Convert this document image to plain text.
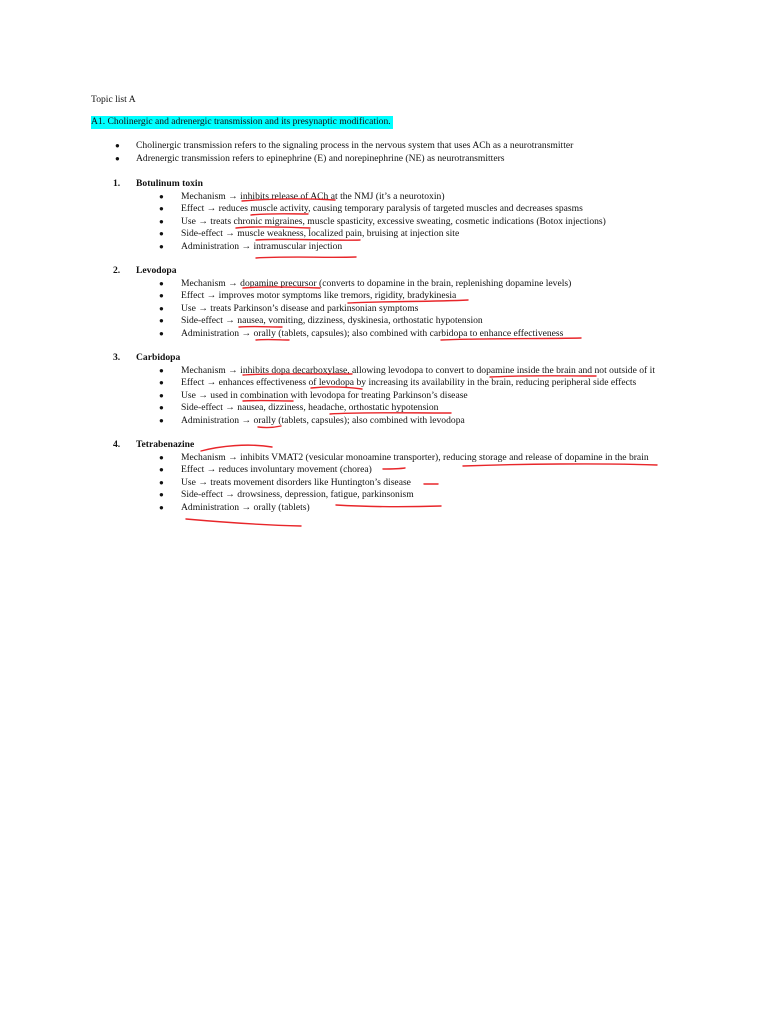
Topic list A
A1. Cholinergic and adrenergic transmission and its presynaptic modification.
● Cholinergic transmission refers to the signaling process in the nervous system that uses ACh as a neurotransmitter
● Adrenergic transmission refers to epinephrine (E) and norepinephrine (NE) as neurotransmitters
1.	Botulinum toxin
● Mechanism → inhibits release of ACh at the NMJ (it’s a neurotoxin)
● Effect → reduces muscle activity, causing temporary paralysis of targeted muscles and decreases spasms
● Use → treats chronic migraines, muscle spasticity, excessive sweating, cosmetic indications (Botox injections)
● Side-effect → muscle weakness, localized pain, bruising at injection site
● Administration → intramuscular injection
2.	Levodopa
● Mechanism → dopamine precursor (converts to dopamine in the brain, replenishing dopamine levels)
● Effect → improves motor symptoms like tremors, rigidity, bradykinesia
● Use → treats Parkinson’s disease and parkinsonian symptoms
● Side-effect → nausea, vomiting, dizziness, dyskinesia, orthostatic hypotension
● Administration → orally (tablets, capsules); also combined with carbidopa to enhance effectiveness
3.	Carbidopa
● Mechanism → inhibits dopa decarboxylase, allowing levodopa to convert to dopamine inside the brain and not outside of it
● Effect → enhances effectiveness of levodopa by increasing its availability in the brain, reducing peripheral side effects
● Use → used in combination with levodopa for treating Parkinson’s disease
● Side-effect → nausea, dizziness, headache, orthostatic hypotension
● Administration → orally (tablets, capsules); also combined with levodopa
4.	Tetrabenazine
● Mechanism → inhibits VMAT2 (vesicular monoamine transporter), reducing storage and release of dopamine in the brain
● Effect → reduces involuntary movement (chorea)
● Use → treats movement disorders like Huntington’s disease
● Side-effect → drowsiness, depression, fatigue, parkinsonism
● Administration → orally (tablets)
